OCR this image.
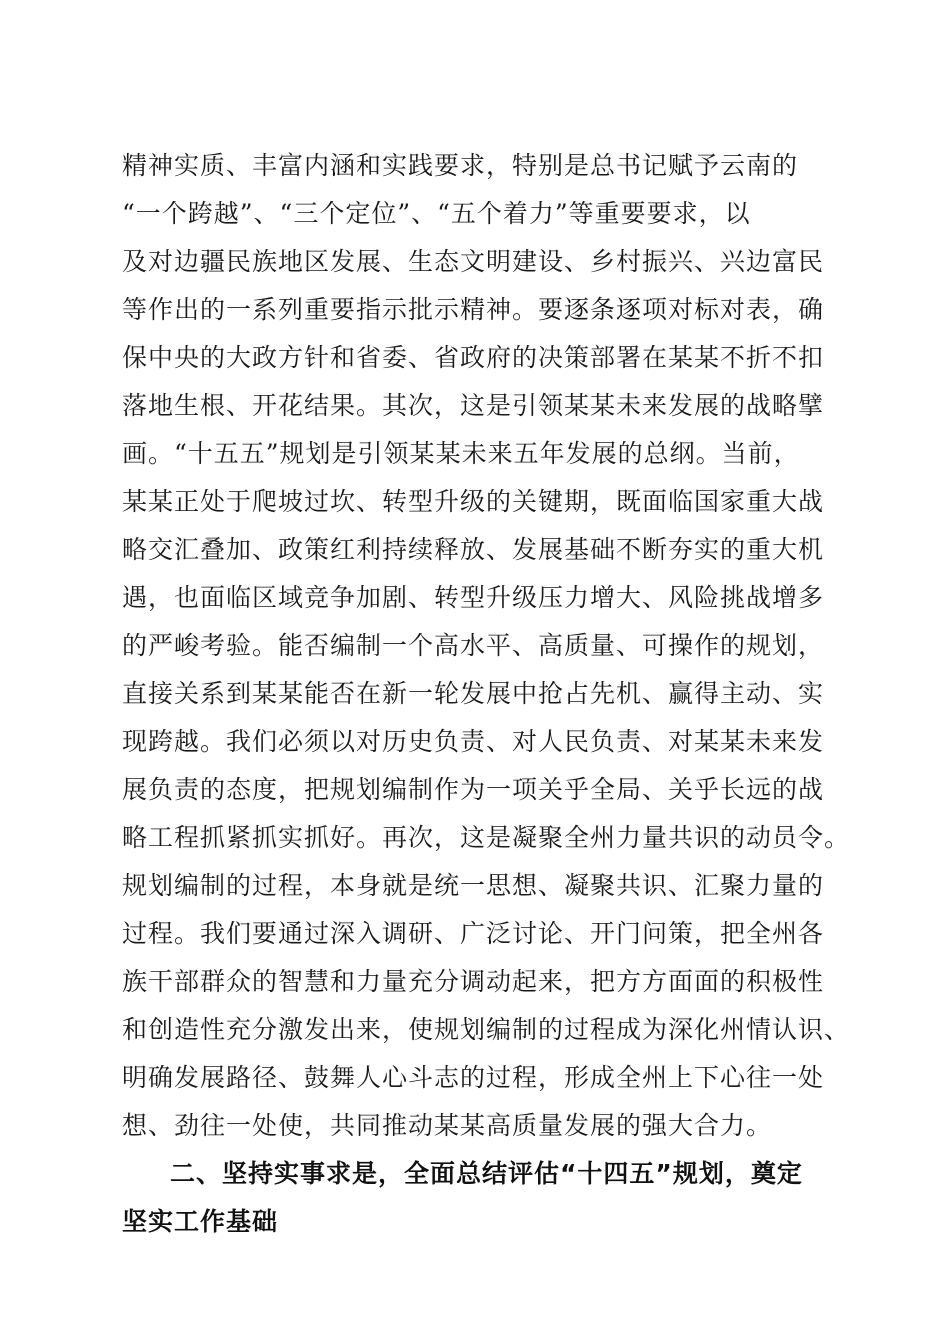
精神实质、丰富内涵和实践要求，特别是总书记赋予云南的
“一个跨越”、“三个定位”、“五个着力”等重要要求，以
及对边疆民族地区发展、生态文明建设、乡村振兴、兴边富民
等作出的一系列重要指示批示精神。要逐条逐项对标对表，确
保中央的大政方针和省委、省政府的决策部署在某某不折不扣
落地生根、开花结果。其次，这是引领某某未来发展的战略擘
画。“十五五”规划是引领某某未来五年发展的总纲。当前，
某某正处于爬坡过坎、转型升级的关键期，既面临国家重大战
略交汇叠加、政策红利持续释放、发展基础不断夯实的重大机
遇，也面临区域竞争加剧、转型升级压力增大、风险挑战增多
的严峻考验。能否编制一个高水平、高质量、可操作的规划，
直接关系到某某能否在新一轮发展中抢占先机、赢得主动、实
现跨越。我们必须以对历史负责、对人民负责、对某某未来发
展负责的态度，把规划编制作为一项关乎全局、关乎长远的战
略工程抓紧抓实抓好。再次，这是凝聚全州力量共识的动员令。
规划编制的过程，本身就是统一思想、凝聚共识、汇聚力量的
过程。我们要通过深入调研、广泛讨论、开门问策，把全州各
族干部群众的智慧和力量充分调动起来，把方方面面的积极性
和创造性充分激发出来，使规划编制的过程成为深化州情认识、
明确发展路径、鼓舞人心斗志的过程，形成全州上下心往一处
想、劲往一处使，共同推动某某高质量发展的强大合力。
二、坚持实事求是，全面总结评估“十四五”规划，奠定
坚实工作基础
